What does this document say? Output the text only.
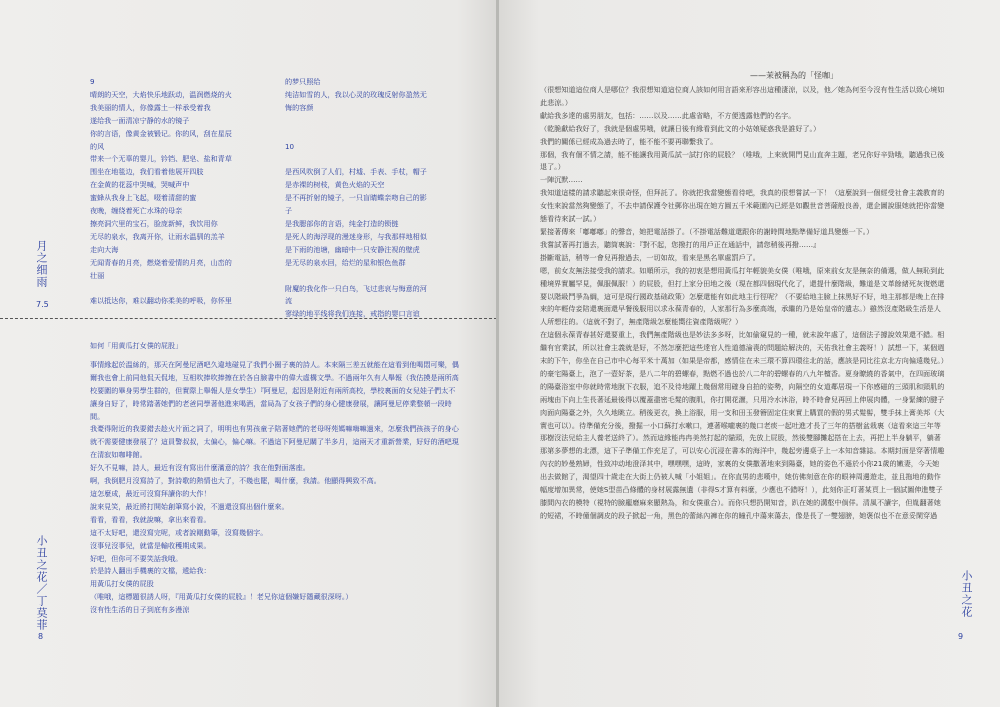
9

晴朗的天空，大焰快乐地跃动，温润燃烧的火

我美丽的情人，你像露土一样承受着我

遂给我一面清凉宁静的水的镜子

你的言语，像黄金被锻记。你的风，刮在星辰

的风

带来一个无辜的婴儿，钤铛、肥皂、盐和青草

围坐在地毯边，我们看着他展开四肢

在金黄的花蕊中哭喊，哭喊声中

蜜蜂从我身上飞起，啜着清甜的蜜

夜晚，缠绕着死亡水珠的母亲

擦亮洞穴里的宝石，脸庞新鲜，我饮用你

无尽的泉水，我离开你，让雨水温驯的羔羊

走向大海

无闻青春的月亮，燃烧着爱情的月亮，山峦的

壮丽

难以抵达你，难以翻动你柔美的呼吸，你怀里

的梦只照给

纯洁如雪的人，我以心灵的玫瑰反射你盈然无

悔的容颜

10

是西风吹倒了人们，村墟、手表、手杖，帽子

是赤裸的树枝，黄色火焰的天空

是不再折射的镜子，一只盲睛蝶亲吻自己的影

子

是我腮部你的言语，纯金打造的锁链

是死人的海浮现的漫迷身形，与我那样地相似

是下雨的池塘，幽暗中一只安静注视的壁虎

是无尽的泉水回，给烂的星和银色鱼群

附魔的我化作一只白鸟，飞过悲哀与悔意的河

流

寥绿的地平线将我们连接，戒指的婴口言谊

月之细雨
7.5

如何「用黄瓜打女僕的屁股」

事情緣起於温絲的，那天在阿曼尼酒吧久違地碰見了我們小圈子裏的詩人。本來隔三差五就能在這看到他喝悶可樂，偶爾我也會上前同他侃天侃地，互相吹捧吹捧擦在於各自臉書中的偉大虛構文學。不過兩年久有人舉報（我估摸是兩所高校要圍的畢身男學生群的，但實際上舉報人是女學生）『阿曼尼，起因是附近有兩所高校，學校裏面的女兒娃子們太不讓身自好了，時常踏著她們的老爸同學著他進來喝酒，當局為了女孩子們的身心健康發展，讓阿曼尼停業整頓一段時間。

我憂得附近的我要錯去趁火片面之詞了，明明也有男孩童子陪著她們的老母呀苑媽嘛嗨嘛過來，怎麼我們孩孩子的身心就不需要健康發展了？這員警叔叔，太偏心，偏心嘛。不過這下阿曼尼關了半多月，這兩天才重新營業，好好的酒吧現在清寂如咖啡館。

好久不見嘛，詩人，最近有沒有寫出什麼滿意的詩？我在他對面落座。

啊，我倒肥月沒寫詩了，對詩歌的熱情也大了，不幾也罷，喝什麼，我請。他顯得興致不高。

這怎麼成，最近可沒寫拜讀你的大作！

說來見笑，最近將打開始創筆寫小說，不過還沒寫出個什麼來。

看看，看看，我就說嘛，拿出來看看。

這不太好吧，還沒寫完呢，或者說剛動筆，沒寫幾個字。

沒事兒沒事兒，就當是輸收穫期成果。

好吧，但你可不要笑話我哦。

於是詩人翻出手機裏的文檔，遞給我：

用黃瓜打女僕的屁股

（唯哦，這標題很誘人呀，『用黃瓜打女僕的屁股』！老兄你這個嫌好隱藏很深呀。）

沒有性生活的日子到底有多漫涼

小丑之花／丁莫菲
8
——茉被稱為的「怪咖」

（很想知道這位商人是哪位？我很想知道這位商人該如何用言語來形容出這種淒涼，以及，他／她為何至今沒有性生活以致心境如此悲涼。）

獻給我多達的處男朋友，包括：……以及……此處省略，不方便透露他們的名字。

（乾脆獻給我好了，我就是個處男哦，就讓日後有緣看到此文的小姑娘疑惑我是誰好了。）

我們的關係已經成為過去時了，能不能不要再聯繫我了。

那個，我有個不情之請，能不能讓我用黃瓜試一試打你的屁股？（唯哦，上來就開門見山直奔主題，老兄你好辛勁哦，聽過我已後退了。）

一陣沉默……

我知道這樣的請求聽起來很奇怪，但拜託了。你就把我當變態看待吧，我真的很想嘗試一下！（這麼說到一個經受社會主義教育的女性來說當然夠變態了，不去申請保護令社郵你出現在她方圓五千米範圍內已經是如觀世音菩薩般良善，還企圖說服她就把你當變態看待來試一試。）

緊接著傳來「嘟嘟嘟」的聲音，她把電話掛了。（不掛電話難道還跟你的謝時間地點準備好道具變態一下。）

我嘗試著再打過去，聽筒裏說：『對不起，您撥打的用戶正在通話中，請您稍後再撥……』

掛斷電話，稍等一會兒再撥過去，一切如故，看來是黑名單處罰戶了。

嗯，前女友無法接受我的請求。如順所示，我的初衷是想用黃瓜打年輕貌美女僕（唯哦，原來前女友是無奈的備選，做人無恥到此種境界實屬罕見，佩服佩服！）的屁股，但打上家分田地之後（現在都四個現代化了，還提什麼階級，難道是文革餘緒死灰復燃還要以階級鬥爭為綱，這可是現行國政基础政策）怎麼還能有如此地主行徑呢？（不要給地主臉上抹黑好不好，地主那都是晚上在排來的年輕侍妾陪還裏面還早餐後服用以求永葆青春的，人家那行為多麼高端，承繼的乃是始皇帝的遺志。）雖然沒產階級生活是人人所想往的。（這就不對了，無產階級怎麼能嚮往資產階級呢？）

在這個永葆青春甚好還要重上，我們無產階級也是妙法多多呀，比如偷窺見的一種，就未說年處了，這個法子據說效果還不錯。相繼有官業試，所以社會主義就是好，不然怎麼把這些達官人性道德淪喪的問題給解決的，天佑我社會主義呀！）試想一下，某個週末的下午，你坐在自己市中心每平米十萬加（如果是帝都，感情住在未三環不算四環往北的話，應該是同比往京北方向偏遠幾兒。）的豪宅陽臺上，泡了一壺好茶，是八二年的碧螺春，點燃不過也於八二年的碧螺春的八九年檀香。夏身瞭繞的香氣中，在四面玻璃的陽臺浴室中你就時常地脫下衣服，追不及待地躍上幾個常用確身自拍的姿勢，向隔空的女道鄰居現一下你感磁的三頭肌和頸肌的兩塊由下向上生長著延最後得以覆蓋盡密毛髮的腹肌，你打開花灑，只用冷水沐浴，時不時會兒再回上伸展肉體，一身緊練的腱子肉面向陽臺之外，久久地眺立。稍後更衣，換上浴服，用一支和田玉發簪固定住束實上購買的假的男式髮髻，雙手抹上膏美邦（大實也可以）。待準備充分後，撥掘一小口蘇打水嗽口，連著喉嚨裏的幾口老痰一起吐進才長了三年的搭樹盆栽裏（這看來這三年等那樹沒法兒給主人養老送終了）。然而這緣能冉冉美然打起的貓頭，先放上屁股，然後雙腳攤起搭在上去，再把上半身躺平，躺著那第多夢想的北漂，這下子準備工作充足了，可以安心沉浸在書本的海洋中，幾起旁邊桌子上一本知音雜誌。本期封面是穿著情趣內衣的妙曼熟婦，性致冲动地澄泽其中，嘿嘿嘿，這時，家裏的女僕撒著地來到陽臺，她的姿色不遜於小你21歲的嫩妻，今天她出去做館了，渴望四十歲走在大街上仍被人喊「小姐姐」。在你直男的悲嘆中，她仿佛刻意在你的眼神周邊遊走，並且拖地的動作幅度增加異常，使她S型苗凸條體的身材展露無遺（非得S才算有料麼，少應也不錯呀！），此刻你正叮著某頁上一個試圖伸進雙子膝間內衣的模特（視特的臉龐磨麻來顯熱為，和女僕重合）。而你只想扔開知音，趴在她的溝壑中倘佯。清風不讀字，但胤翻著她的短裙，不時僮個調皮的段子掀起一角，黑色的蕾絲內褲在你的瞳孔中蕩來蕩去，像是長了一雙翅膀，她褒似也不在意妥閑穿過

小丑之花
9
